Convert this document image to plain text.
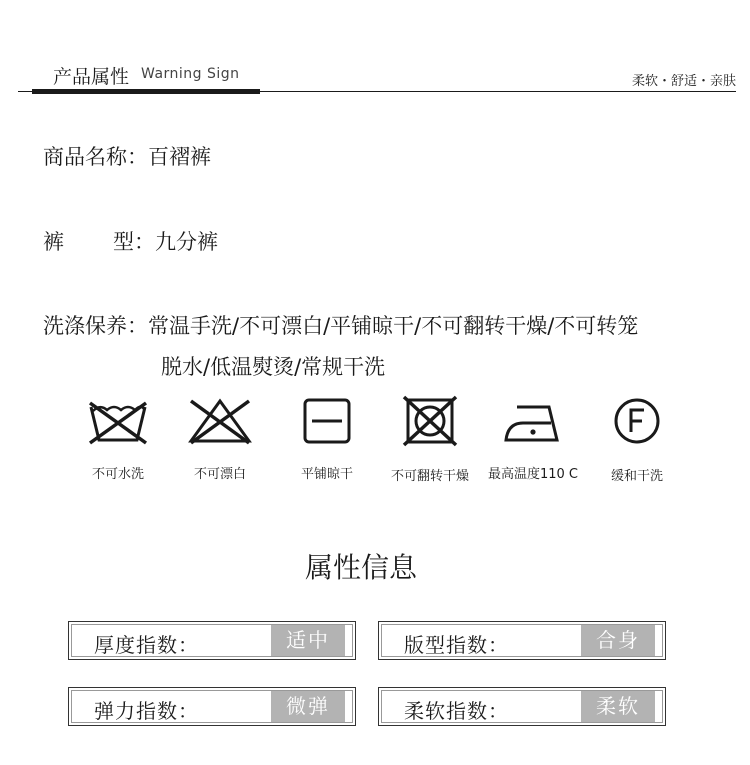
产品属性 Warning Sign	柔软・舒适・亲肤
商品名称：百褶裤
裤 型：九分裤
洗涤保养：常温手洗/不可漂白/平铺晾干/不可翻转干燥/不可转笼
脱水/低温熨烫/常规干洗
不可水洗	不可漂白	平铺晾干	不可翻转干燥	最高温度110 C	缓和干洗
属性信息
厚度指数：	适中	版型指数：	合身
弹力指数：	微弹	柔软指数：	柔软
